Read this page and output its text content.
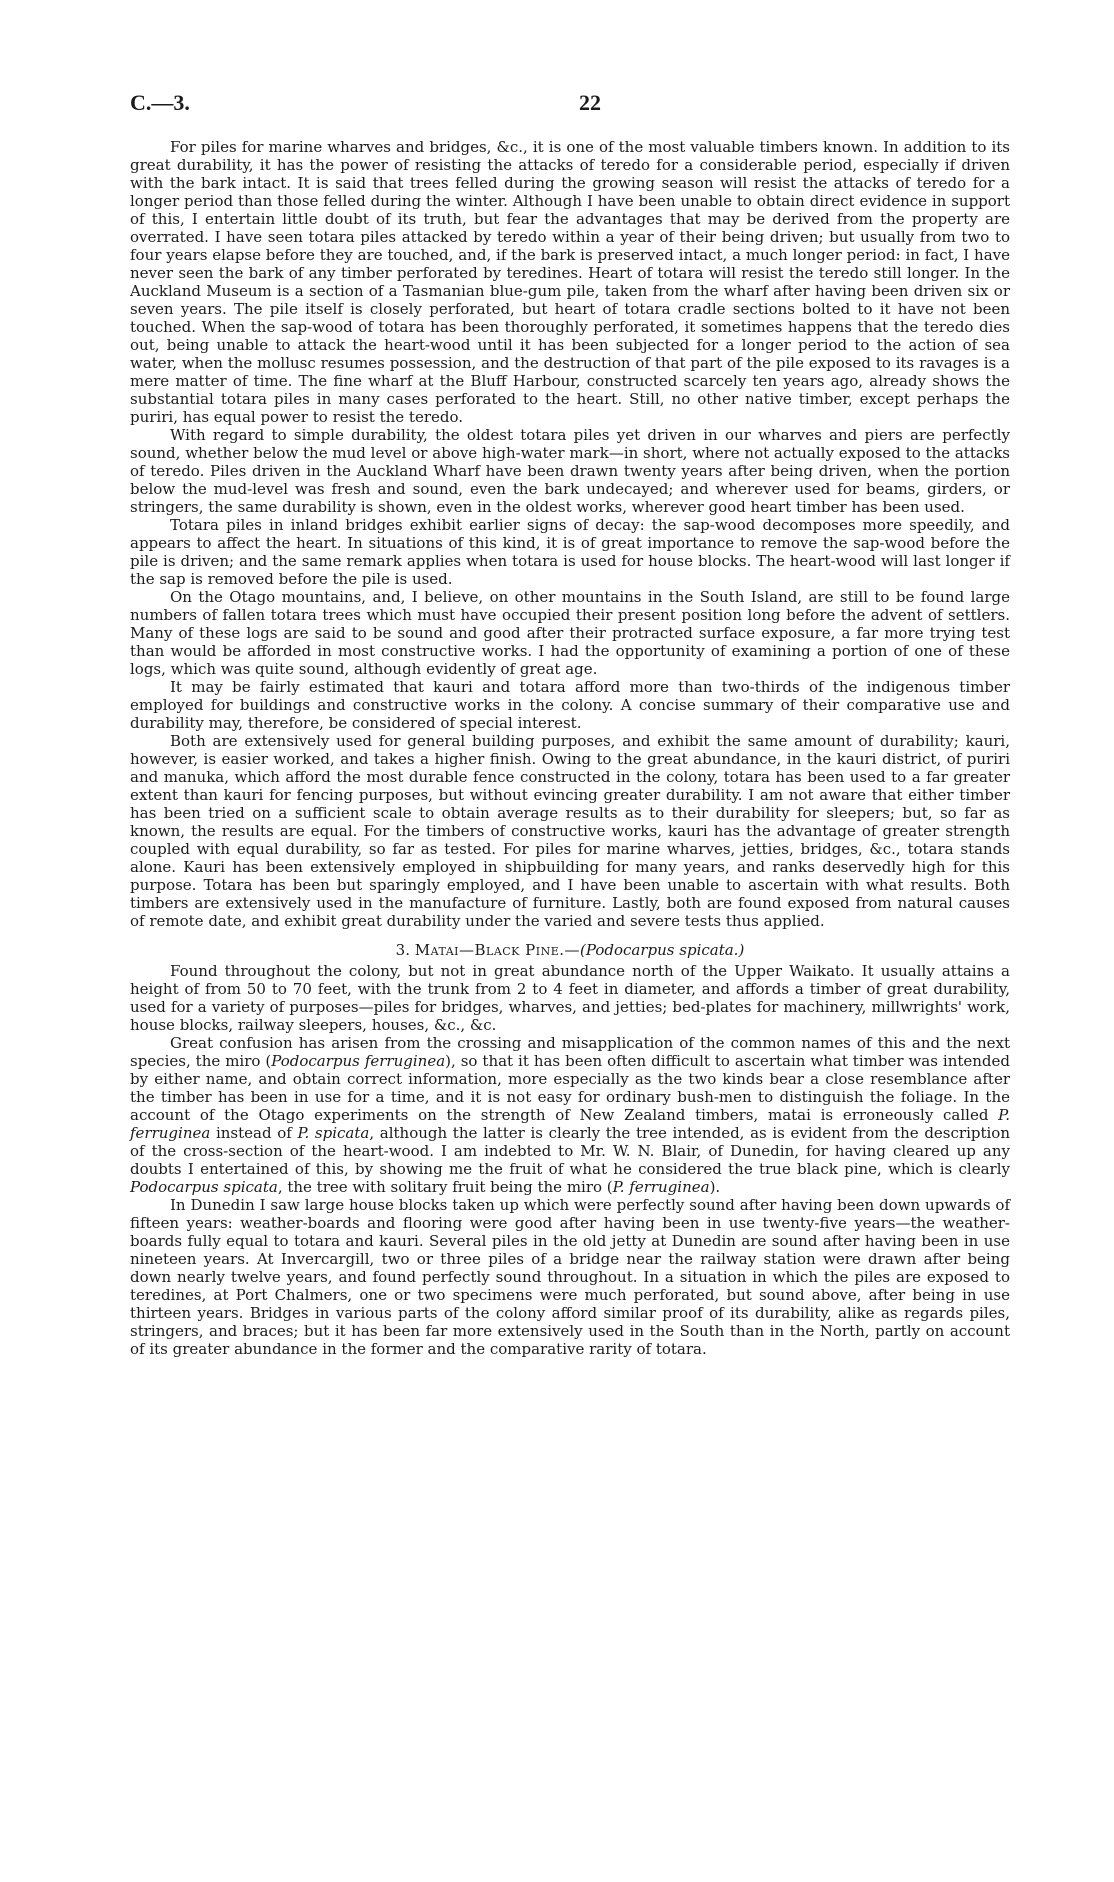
C.—3.	22

For piles for marine wharves and bridges, &c., it is one of the most valuable timbers known. In addition to its great durability, it has the power of resisting the attacks of teredo for a considerable period, especially if driven with the bark intact. It is said that trees felled during the growing season will resist the attacks of teredo for a longer period than those felled during the winter. Although I have been unable to obtain direct evidence in support of this, I entertain little doubt of its truth, but fear the advantages that may be derived from the property are overrated. I have seen totara piles attacked by teredo within a year of their being driven; but usually from two to four years elapse before they are touched, and, if the bark is preserved intact, a much longer period: in fact, I have never seen the bark of any timber perforated by teredines. Heart of totara will resist the teredo still longer. In the Auckland Museum is a section of a Tasmanian blue-gum pile, taken from the wharf after having been driven six or seven years. The pile itself is closely perforated, but heart of totara cradle sections bolted to it have not been touched. When the sap-wood of totara has been thoroughly perforated, it sometimes happens that the teredo dies out, being unable to attack the heart-wood until it has been subjected for a longer period to the action of sea water, when the mollusc resumes possession, and the destruction of that part of the pile exposed to its ravages is a mere matter of time. The fine wharf at the Bluff Harbour, constructed scarcely ten years ago, already shows the substantial totara piles in many cases perforated to the heart. Still, no other native timber, except perhaps the puriri, has equal power to resist the teredo.

With regard to simple durability, the oldest totara piles yet driven in our wharves and piers are perfectly sound, whether below the mud level or above high-water mark—in short, where not actually exposed to the attacks of teredo. Piles driven in the Auckland Wharf have been drawn twenty years after being driven, when the portion below the mud-level was fresh and sound, even the bark undecayed; and wherever used for beams, girders, or stringers, the same durability is shown, even in the oldest works, wherever good heart timber has been used.

Totara piles in inland bridges exhibit earlier signs of decay: the sap-wood decomposes more speedily, and appears to affect the heart. In situations of this kind, it is of great importance to remove the sap-wood before the pile is driven; and the same remark applies when totara is used for house blocks. The heart-wood will last longer if the sap is removed before the pile is used.

On the Otago mountains, and, I believe, on other mountains in the South Island, are still to be found large numbers of fallen totara trees which must have occupied their present position long before the advent of settlers. Many of these logs are said to be sound and good after their protracted surface exposure, a far more trying test than would be afforded in most constructive works. I had the opportunity of examining a portion of one of these logs, which was quite sound, although evidently of great age.

It may be fairly estimated that kauri and totara afford more than two-thirds of the indigenous timber employed for buildings and constructive works in the colony. A concise summary of their comparative use and durability may, therefore, be considered of special interest.

Both are extensively used for general building purposes, and exhibit the same amount of durability; kauri, however, is easier worked, and takes a higher finish. Owing to the great abundance, in the kauri district, of puriri and manuka, which afford the most durable fence constructed in the colony, totara has been used to a far greater extent than kauri for fencing purposes, but without evincing greater durability. I am not aware that either timber has been tried on a sufficient scale to obtain average results as to their durability for sleepers; but, so far as known, the results are equal. For the timbers of constructive works, kauri has the advantage of greater strength coupled with equal durability, so far as tested. For piles for marine wharves, jetties, bridges, &c., totara stands alone. Kauri has been extensively employed in shipbuilding for many years, and ranks deservedly high for this purpose. Totara has been but sparingly employed, and I have been unable to ascertain with what results. Both timbers are extensively used in the manufacture of furniture. Lastly, both are found exposed from natural causes of remote date, and exhibit great durability under the varied and severe tests thus applied.

3. Matai—Black Pine.—(Podocarpus spicata.)

Found throughout the colony, but not in great abundance north of the Upper Waikato. It usually attains a height of from 50 to 70 feet, with the trunk from 2 to 4 feet in diameter, and affords a timber of great durability, used for a variety of purposes—piles for bridges, wharves, and jetties; bed-plates for machinery, millwrights' work, house blocks, railway sleepers, houses, &c., &c.

Great confusion has arisen from the crossing and misapplication of the common names of this and the next species, the miro (Podocarpus ferruginea), so that it has been often difficult to ascertain what timber was intended by either name, and obtain correct information, more especially as the two kinds bear a close resemblance after the timber has been in use for a time, and it is not easy for ordinary bush-men to distinguish the foliage. In the account of the Otago experiments on the strength of New Zealand timbers, matai is erroneously called P. ferruginea instead of P. spicata, although the latter is clearly the tree intended, as is evident from the description of the cross-section of the heart-wood. I am indebted to Mr. W. N. Blair, of Dunedin, for having cleared up any doubts I entertained of this, by showing me the fruit of what he considered the true black pine, which is clearly Podocarpus spicata, the tree with solitary fruit being the miro (P. ferruginea).

In Dunedin I saw large house blocks taken up which were perfectly sound after having been down upwards of fifteen years: weather-boards and flooring were good after having been in use twenty-five years—the weather-boards fully equal to totara and kauri. Several piles in the old jetty at Dunedin are sound after having been in use nineteen years. At Invercargill, two or three piles of a bridge near the railway station were drawn after being down nearly twelve years, and found perfectly sound throughout. In a situation in which the piles are exposed to teredines, at Port Chalmers, one or two specimens were much perforated, but sound above, after being in use thirteen years. Bridges in various parts of the colony afford similar proof of its durability, alike as regards piles, stringers, and braces; but it has been far more extensively used in the South than in the North, partly on account of its greater abundance in the former and the comparative rarity of totara.
